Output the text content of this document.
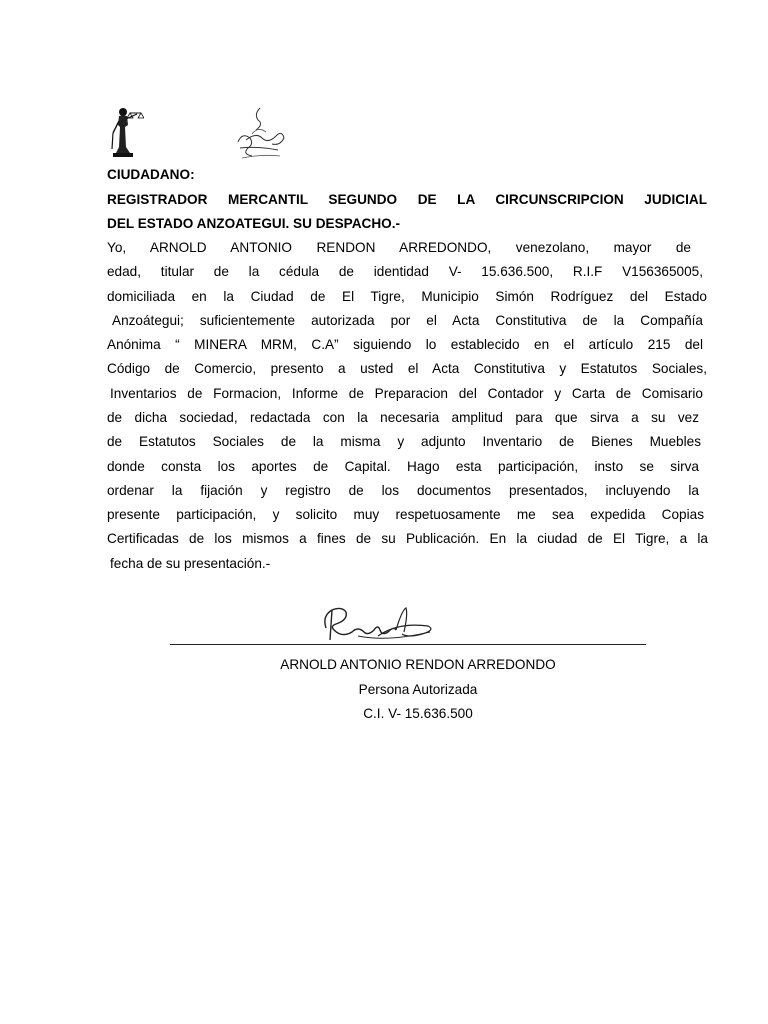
CIUDADANO:
REGISTRADOR MERCANTIL SEGUNDO DE LA CIRCUNSCRIPCION JUDICIAL
DEL ESTADO ANZOATEGUI. SU DESPACHO.-
Yo, ARNOLD ANTONIO RENDON ARREDONDO, venezolano, mayor de
edad, titular de la cédula de identidad V- 15.636.500, R.I.F V156365005,
domiciliada en la Ciudad de El Tigre, Municipio Simón Rodríguez del Estado
Anzoátegui; suficientemente autorizada por el Acta Constitutiva de la Compañía
Anónima “ MINERA MRM, C.A” siguiendo lo establecido en el artículo 215 del
Código de Comercio, presento a usted el Acta Constitutiva y Estatutos Sociales,
Inventarios de Formacion, Informe de Preparacion del Contador y Carta de Comisario
de dicha sociedad, redactada con la necesaria amplitud para que sirva a su vez
de Estatutos Sociales de la misma y adjunto Inventario de Bienes Muebles
donde consta los aportes de Capital. Hago esta participación, insto se sirva
ordenar la fijación y registro de los documentos presentados, incluyendo la
presente participación, y solicito muy respetuosamente me sea expedida Copias
Certificadas de los mismos a fines de su Publicación. En la ciudad de El Tigre, a la
fecha de su presentación.-
ARNOLD ANTONIO RENDON ARREDONDO
Persona Autorizada
C.I. V- 15.636.500
